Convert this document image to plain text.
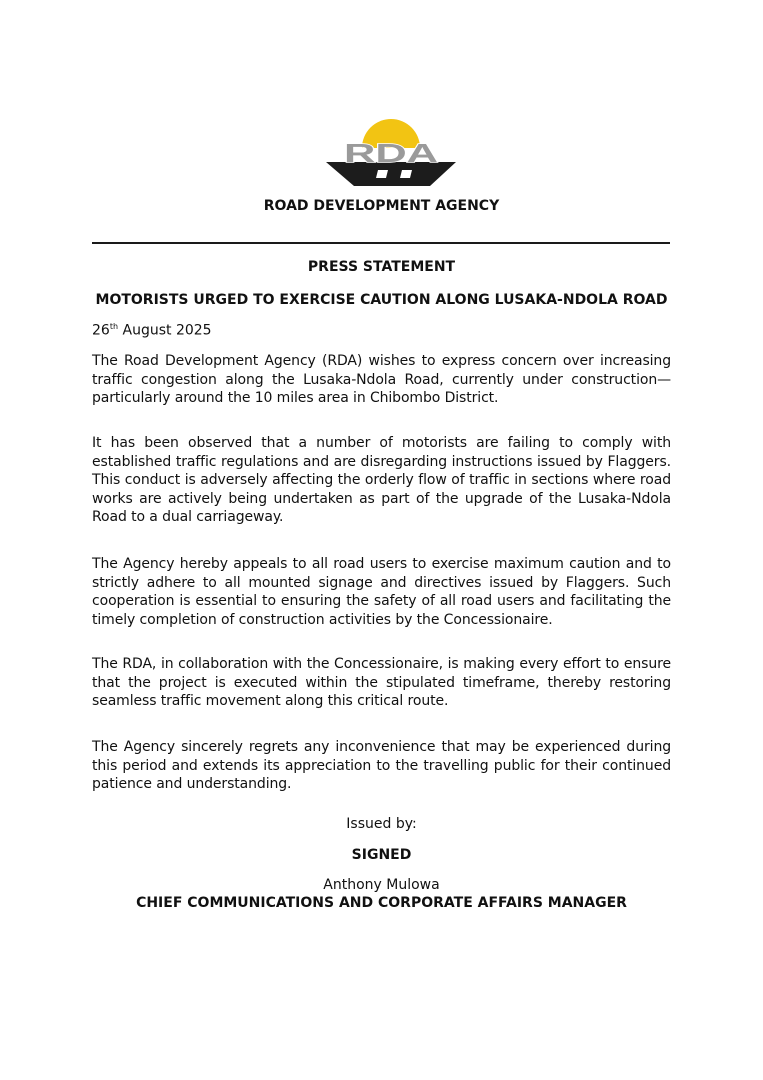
RDA
ROAD DEVELOPMENT AGENCY
PRESS STATEMENT
MOTORISTS URGED TO EXERCISE CAUTION ALONG LUSAKA-NDOLA ROAD
26th August 2025

The Road Development Agency (RDA) wishes to express concern over increasing traffic congestion along the Lusaka-Ndola Road, currently under construction—particularly around the 10 miles area in Chibombo District.

It has been observed that a number of motorists are failing to comply with established traffic regulations and are disregarding instructions issued by Flaggers. This conduct is adversely affecting the orderly flow of traffic in sections where road works are actively being undertaken as part of the upgrade of the Lusaka-Ndola Road to a dual carriageway.

The Agency hereby appeals to all road users to exercise maximum caution and to strictly adhere to all mounted signage and directives issued by Flaggers. Such cooperation is essential to ensuring the safety of all road users and facilitating the timely completion of construction activities by the Concessionaire.

The RDA, in collaboration with the Concessionaire, is making every effort to ensure that the project is executed within the stipulated timeframe, thereby restoring seamless traffic movement along this critical route.

The Agency sincerely regrets any inconvenience that may be experienced during this period and extends its appreciation to the travelling public for their continued patience and understanding.

Issued by:
SIGNED
Anthony Mulowa
CHIEF COMMUNICATIONS AND CORPORATE AFFAIRS MANAGER
